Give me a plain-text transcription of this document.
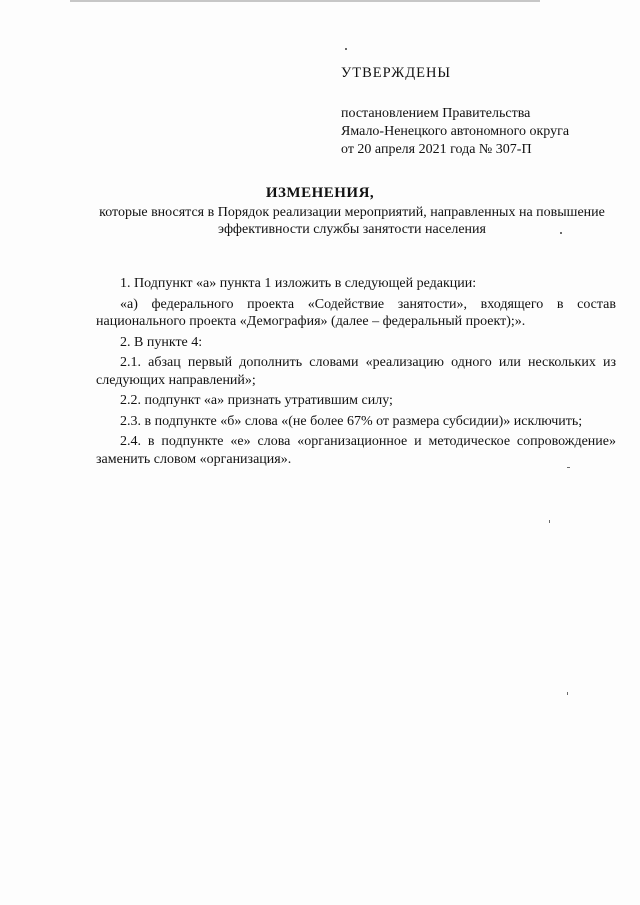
УТВЕРЖДЕНЫ
постановлением Правительства
Ямало-Ненецкого автономного округа
от 20 апреля 2021 года № 307-П
ИЗМЕНЕНИЯ,
которые вносятся в Порядок реализации мероприятий, направленных на повышение эффективности службы занятости населения

1. Подпункт «а» пункта 1 изложить в следующей редакции:

«а) федерального проекта «Содействие занятости», входящего в состав национального проекта «Демография» (далее – федеральный проект);».

2. В пункте 4:

2.1. абзац первый дополнить словами «реализацию одного или нескольких из следующих направлений»;

2.2. подпункт «а» признать утратившим силу;

2.3. в подпункте «б» слова «(не более 67% от размера субсидии)» исключить;

2.4. в подпункте «е» слова «организационное и методическое сопровождение» заменить словом «организация».
